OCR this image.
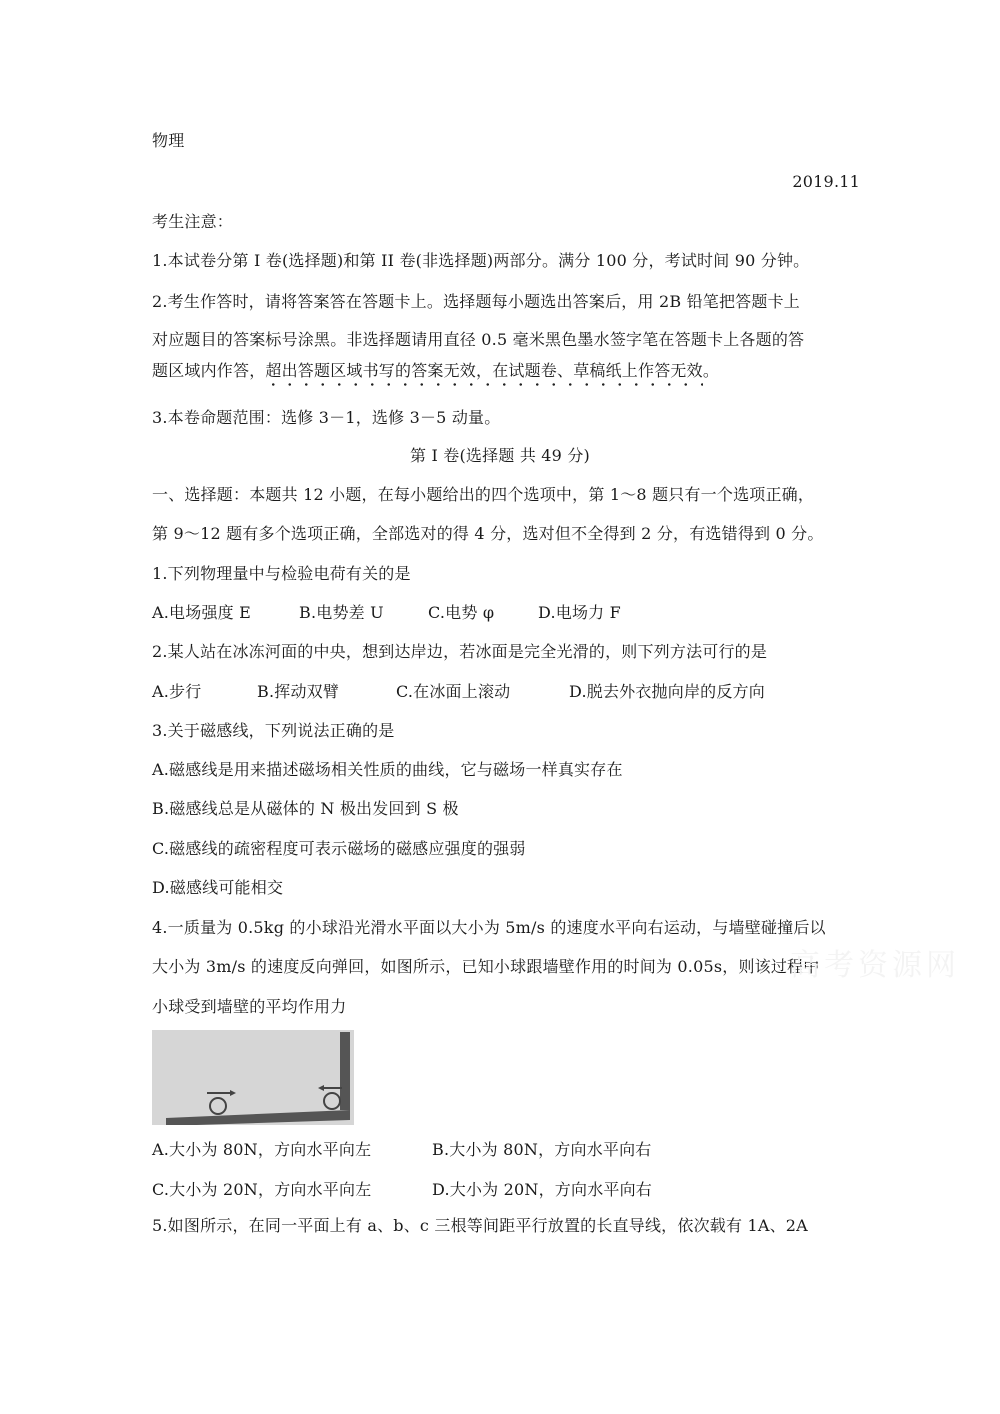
物理
2019.11
考生注意：
1.本试卷分第 I 卷(选择题)和第 II 卷(非选择题)两部分。满分 100 分，考试时间 90 分钟。
2.考生作答时，请将答案答在答题卡上。选择题每小题选出答案后，用 2B 铅笔把答题卡上
对应题目的答案标号涂黑。非选择题请用直径 0.5 毫米黑色墨水签字笔在答题卡上各题的答
题区域内作答，超出答题区域书写的答案无效，在试题卷、草稿纸上作答无效。
3.本卷命题范围：选修 3－1，选修 3－5 动量。
第 I 卷(选择题 共 49 分)
一、选择题：本题共 12 小题，在每小题给出的四个选项中，第 1～8 题只有一个选项正确，
第 9～12 题有多个选项正确，全部选对的得 4 分，选对但不全得到 2 分，有选错得到 0 分。
1.下列物理量中与检验电荷有关的是
A.电场强度 E	B.电势差 U	C.电势 φ	D.电场力 F
2.某人站在冰冻河面的中央，想到达岸边，若冰面是完全光滑的，则下列方法可行的是
A.步行	B.挥动双臂	C.在冰面上滚动	D.脱去外衣抛向岸的反方向
3.关于磁感线，下列说法正确的是
A.磁感线是用来描述磁场相关性质的曲线，它与磁场一样真实存在
B.磁感线总是从磁体的 N 极出发回到 S 极
C.磁感线的疏密程度可表示磁场的磁感应强度的强弱
D.磁感线可能相交
4.一质量为 0.5kg 的小球沿光滑水平面以大小为 5m/s 的速度水平向右运动，与墙壁碰撞后以
大小为 3m/s 的速度反向弹回，如图所示，已知小球跟墙壁作用的时间为 0.05s，则该过程中
小球受到墙壁的平均作用力
A.大小为 80N，方向水平向左	B.大小为 80N，方向水平向右
C.大小为 20N，方向水平向左	D.大小为 20N，方向水平向右
5.如图所示，在同一平面上有 a、b、c 三根等间距平行放置的长直导线，依次载有 1A、2A
高考资源网
